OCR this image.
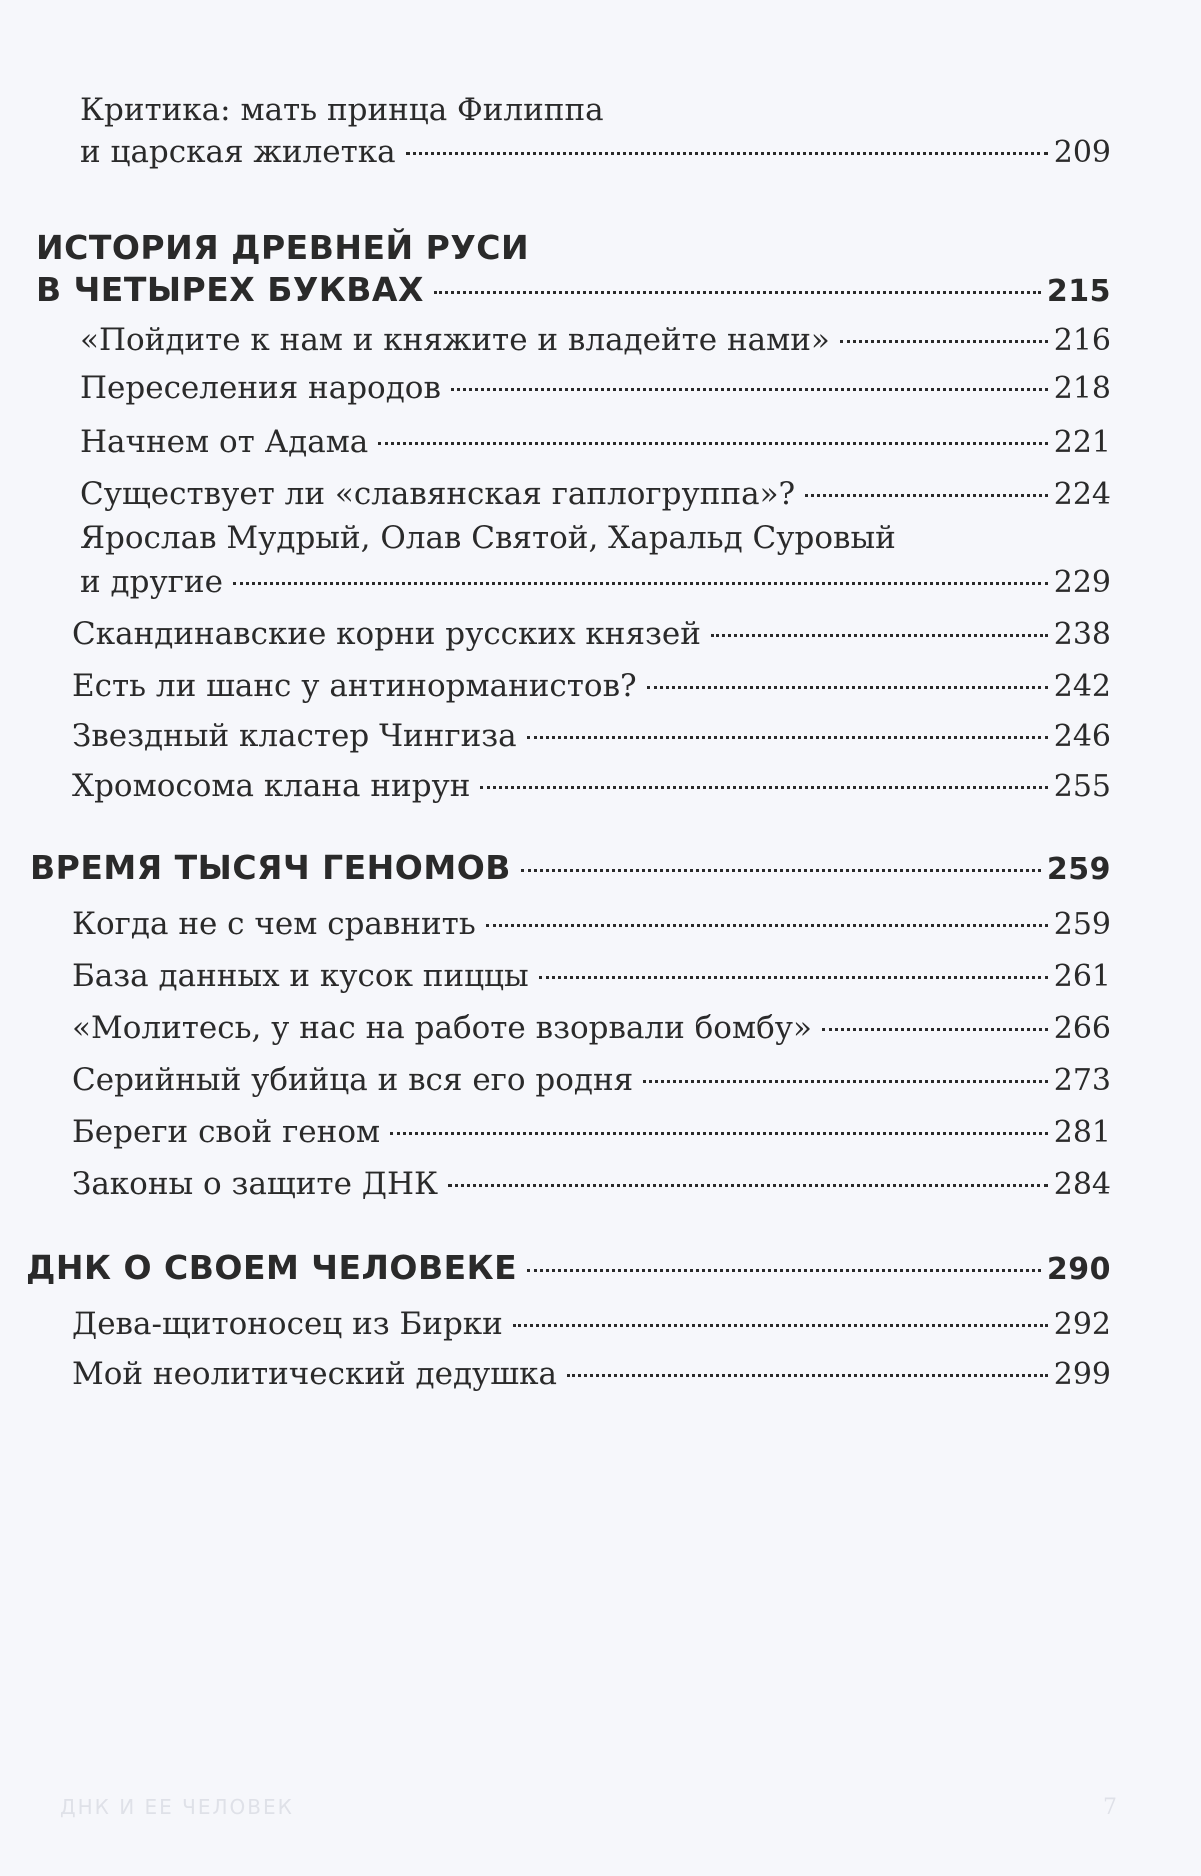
Критика: мать принца Филиппа
и царская жилетка	209
ИСТОРИЯ ДРЕВНЕЙ РУСИ
В ЧЕТЫРЕХ БУКВАХ	215
«Пойдите к нам и княжите и владейте нами»	216
Переселения народов	218
Начнем от Адама	221
Существует ли «славянская гаплогруппа»?	224
Ярослав Мудрый, Олав Святой, Харальд Суровый
и другие	229
Скандинавские корни русских князей	238
Есть ли шанс у антинорманистов?	242
Звездный кластер Чингиза	246
Хромосома клана нирун	255
ВРЕМЯ ТЫСЯЧ ГЕНОМОВ	259
Когда не с чем сравнить	259
База данных и кусок пиццы	261
«Молитесь, у нас на работе взорвали бомбу»	266
Серийный убийца и вся его родня	273
Береги свой геном	281
Законы о защите ДНК	284
ДНК О СВОЕМ ЧЕЛОВЕКЕ	290
Дева-щитоносец из Бирки	292
Мой неолитический дедушка	299
ДНК И ЕЕ ЧЕЛОВЕК	7
